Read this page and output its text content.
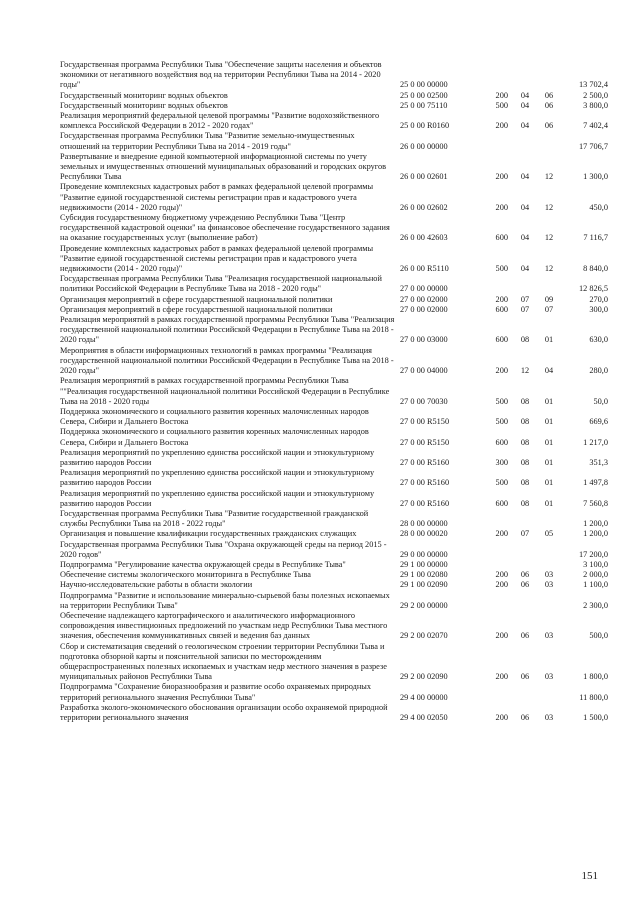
Государственная программа Республики Тыва "Обеспечение защиты населения и объектов экономики от негативного воздействия вод на территории Республики Тыва на 2014 - 2020 годы"	25 0 00 00000				13 702,4
Государственный мониторинг водных объектов	25 0 00 02500	200	04	06	2 500,0
Государственный мониторинг водных объектов	25 0 00 75110	500	04	06	3 800,0
Реализация мероприятий федеральной целевой программы "Развитие водохозяйственного комплекса Российской Федерации в 2012 - 2020 годах"	25 0 00 R0160	200	04	06	7 402,4
Государственная программа Республики Тыва "Развитие земельно-имущественных отношений на территории Республики Тыва на 2014 - 2019 годы"	26 0 00 00000				17 706,7
Развертывание и внедрение единой компьютерной информационной системы по учету земельных и имущественных отношений муниципальных образований и городских округов Республики Тыва	26 0 00 02601	200	04	12	1 300,0
Проведение комплексных кадастровых работ в рамках федеральной целевой программы "Развитие единой государственной системы регистрации прав и кадастрового учета недвижимости (2014 - 2020 годы)"	26 0 00 02602	200	04	12	450,0
Субсидия государственному бюджетному учреждению Республики Тыва "Центр государственной кадастровой оценки" на финансовое обеспечение государственного задания на оказание государственных услуг (выполнение работ)	26 0 00 42603	600	04	12	7 116,7
Проведение комплексных кадастровых работ в рамках федеральной целевой программы "Развитие единой государственной системы регистрации прав и кадастрового учета недвижимости (2014 - 2020 годы)"	26 0 00 R5110	500	04	12	8 840,0
Государственная программа Республики Тыва "Реализация государственной национальной политики Российской Федерации в Республике Тыва на 2018 - 2020 годы"	27 0 00 00000				12 826,5
Организация мероприятий в сфере государственной национальной политики	27 0 00 02000	200	07	09	270,0
Организация мероприятий в сфере государственной национальной политики	27 0 00 02000	600	07	07	300,0
Реализация мероприятий в рамках государственной программы Республики Тыва "Реализация государственной национальной политики Российской Федерации в Республике Тыва на 2018 - 2020 годы"	27 0 00 03000	600	08	01	630,0
Мероприятия в области информационных технологий в рамках программы "Реализация государственной национальной политики Российской Федерации в Республике Тыва на 2018 - 2020 годы"	27 0 00 04000	200	12	04	280,0
Реализация мероприятий в рамках государственной программы Республики Тыва ""Реализация государственной национальной политики Российской Федерации в Республике Тыва на 2018 - 2020 годы	27 0 00 70030	500	08	01	50,0
Поддержка экономического и социального развития коренных малочисленных народов Севера, Сибири и Дальнего Востока	27 0 00 R5150	500	08	01	669,6
Поддержка экономического и социального развития коренных малочисленных народов Севера, Сибири и Дальнего Востока	27 0 00 R5150	600	08	01	1 217,0
Реализация мероприятий по укреплению единства российской нации и этнокультурному развитию народов России	27 0 00 R5160	300	08	01	351,3
Реализация мероприятий по укреплению единства российской нации и этнокультурному развитию народов России	27 0 00 R5160	500	08	01	1 497,8
Реализация мероприятий по укреплению единства российской нации и этнокультурному развитию народов России	27 0 00 R5160	600	08	01	7 560,8
Государственная программа Республики Тыва "Развитие государственной гражданской службы Республики Тыва на 2018 - 2022 годы"	28 0 00 00000				1 200,0
Организация и повышение квалификации государственных гражданских служащих	28 0 00 00020	200	07	05	1 200,0
Государственная программа Республики Тыва "Охрана окружающей среды на период 2015 - 2020 годов"	29 0 00 00000				17 200,0
Подпрограмма "Регулирование качества окружающей среды в Республике Тыва"	29 1 00 00000				3 100,0
Обеспечение системы экологического мониторинга в Республике Тыва	29 1 00 02080	200	06	03	2 000,0
Научно-исследовательские работы в области экологии	29 1 00 02090	200	06	03	1 100,0
Подпрограмма "Развитие и использование минерально-сырьевой базы полезных ископаемых на территории Республики Тыва"	29 2 00 00000				2 300,0
Обеспечение надлежащего картографического и аналитического информационного сопровождения инвестиционных предложений по участкам недр Республики Тыва местного значения, обеспечения коммуникативных связей и ведения баз данных	29 2 00 02070	200	06	03	500,0
Сбор и систематизация сведений о геологическом строении территории Республики Тыва и подготовка обзорной карты и пояснительной записки по месторождениям общераспространенных полезных ископаемых и участкам недр местного значения в разрезе муниципальных районов Республики Тыва	29 2 00 02090	200	06	03	1 800,0
Подпрограмма "Сохранение биоразнообразия и развитие особо охраняемых природных территорий регионального значения Республики Тыва"	29 4 00 00000				11 800,0
Разработка эколого-экономического обоснования организации особо охраняемой природной территории регионального значения	29 4 00 02050	200	06	03	1 500,0
151
